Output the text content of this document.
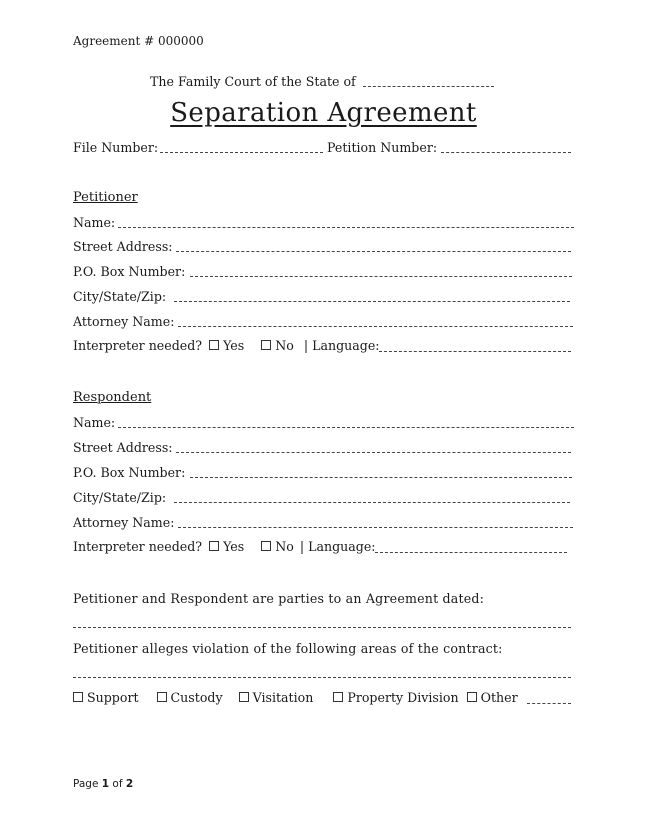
Agreement # 000000
The Family Court of the State of
Separation Agreement
File Number:	Petition Number:
Petitioner
Name:
Street Address:
P.O. Box Number:
City/State/Zip:
Attorney Name:
Interpreter needed? Yes No | Language:
Respondent
Name:
Street Address:
P.O. Box Number:
City/State/Zip:
Attorney Name:
Interpreter needed? Yes No | Language:
Petitioner and Respondent are parties to an Agreement dated:
Petitioner alleges violation of the following areas of the contract:
Support	Custody Visitation	Property Division Other
Page 1 of 2
